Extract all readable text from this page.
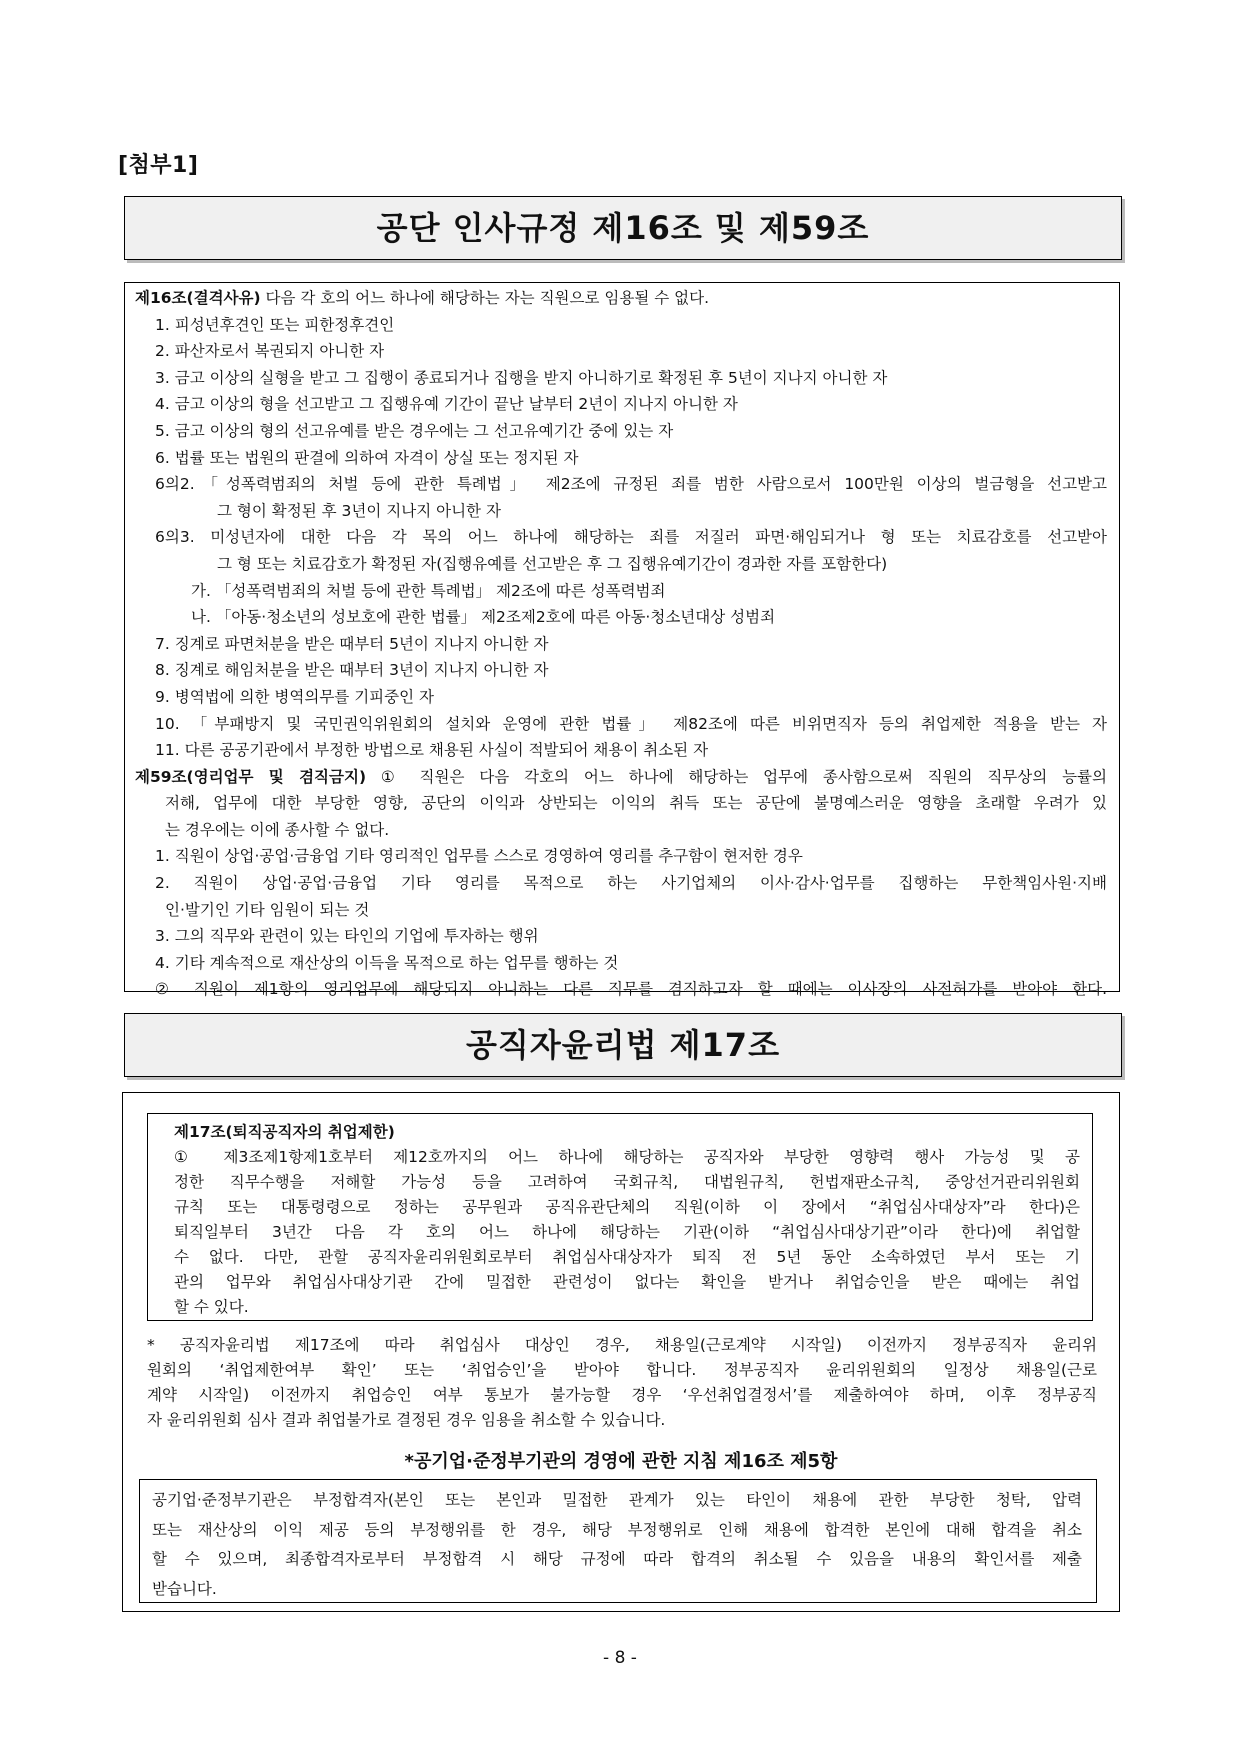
[첨부1]
공단 인사규정 제16조 및 제59조
제16조(결격사유) 다음 각 호의 어느 하나에 해당하는 자는 직원으로 임용될 수 없다.
1. 피성년후견인 또는 피한정후견인
2. 파산자로서 복권되지 아니한 자
3. 금고 이상의 실형을 받고 그 집행이 종료되거나 집행을 받지 아니하기로 확정된 후 5년이 지나지 아니한 자
4. 금고 이상의 형을 선고받고 그 집행유예 기간이 끝난 날부터 2년이 지나지 아니한 자
5. 금고 이상의 형의 선고유예를 받은 경우에는 그 선고유예기간 중에 있는 자
6. 법률 또는 법원의 판결에 의하여 자격이 상실 또는 정지된 자
6의2.「성폭력범죄의 처벌 등에 관한 특례법」 제2조에 규정된 죄를 범한 사람으로서 100만원 이상의 벌금형을 선고받고
그 형이 확정된 후 3년이 지나지 아니한 자
6의3. 미성년자에 대한 다음 각 목의 어느 하나에 해당하는 죄를 저질러 파면·해임되거나 형 또는 치료감호를 선고받아
그 형 또는 치료감호가 확정된 자(집행유예를 선고받은 후 그 집행유예기간이 경과한 자를 포함한다)
가. 「성폭력범죄의 처벌 등에 관한 특례법」 제2조에 따른 성폭력범죄
나. 「아동·청소년의 성보호에 관한 법률」 제2조제2호에 따른 아동·청소년대상 성범죄
7. 징계로 파면처분을 받은 때부터 5년이 지나지 아니한 자
8. 징계로 해임처분을 받은 때부터 3년이 지나지 아니한 자
9. 병역법에 의한 병역의무를 기피중인 자
10. 「부패방지 및 국민권익위원회의 설치와 운영에 관한 법률」 제82조에 따른 비위면직자 등의 취업제한 적용을 받는 자
11. 다른 공공기관에서 부정한 방법으로 채용된 사실이 적발되어 채용이 취소된 자
제59조(영리업무 및 겸직금지) ① 직원은 다음 각호의 어느 하나에 해당하는 업무에 종사함으로써 직원의 직무상의 능률의
저해, 업무에 대한 부당한 영향, 공단의 이익과 상반되는 이익의 취득 또는 공단에 불명예스러운 영향을 초래할 우려가 있
는 경우에는 이에 종사할 수 없다.
1. 직원이 상업·공업·금융업 기타 영리적인 업무를 스스로 경영하여 영리를 추구함이 현저한 경우
2. 직원이 상업·공업·금융업 기타 영리를 목적으로 하는 사기업체의 이사·감사·업무를 집행하는 무한책임사원·지배
인·발기인 기타 임원이 되는 것
3. 그의 직무와 관련이 있는 타인의 기업에 투자하는 행위
4. 기타 계속적으로 재산상의 이득을 목적으로 하는 업무를 행하는 것
② 직원이 제1항의 영리업무에 해당되지 아니하는 다른 직무를 겸직하고자 할 때에는 이사장의 사전허가를 받아야 한다.
공직자윤리법 제17조
제17조(퇴직공직자의 취업제한)
① 제3조제1항제1호부터 제12호까지의 어느 하나에 해당하는 공직자와 부당한 영향력 행사 가능성 및 공
정한 직무수행을 저해할 가능성 등을 고려하여 국회규칙, 대법원규칙, 헌법재판소규칙, 중앙선거관리위원회
규칙 또는 대통령령으로 정하는 공무원과 공직유관단체의 직원(이하 이 장에서 “취업심사대상자”라 한다)은
퇴직일부터 3년간 다음 각 호의 어느 하나에 해당하는 기관(이하 “취업심사대상기관”이라 한다)에 취업할
수 없다. 다만, 관할 공직자윤리위원회로부터 취업심사대상자가 퇴직 전 5년 동안 소속하였던 부서 또는 기
관의 업무와 취업심사대상기관 간에 밀접한 관련성이 없다는 확인을 받거나 취업승인을 받은 때에는 취업
할 수 있다.
* 공직자윤리법 제17조에 따라 취업심사 대상인 경우, 채용일(근로계약 시작일) 이전까지 정부공직자 윤리위
원회의 ‘취업제한여부 확인’ 또는 ‘취업승인’을 받아야 합니다. 정부공직자 윤리위원회의 일정상 채용일(근로
계약 시작일) 이전까지 취업승인 여부 통보가 불가능할 경우 ‘우선취업결정서’를 제출하여야 하며, 이후 정부공직
자 윤리위원회 심사 결과 취업불가로 결정된 경우 임용을 취소할 수 있습니다.
*공기업·준정부기관의 경영에 관한 지침 제16조 제5항
공기업·준정부기관은 부정합격자(본인 또는 본인과 밀접한 관계가 있는 타인이 채용에 관한 부당한 청탁, 압력
또는 재산상의 이익 제공 등의 부정행위를 한 경우, 해당 부정행위로 인해 채용에 합격한 본인에 대해 합격을 취소
할 수 있으며, 최종합격자로부터 부정합격 시 해당 규정에 따라 합격의 취소될 수 있음을 내용의 확인서를 제출
받습니다.
- 8 -
